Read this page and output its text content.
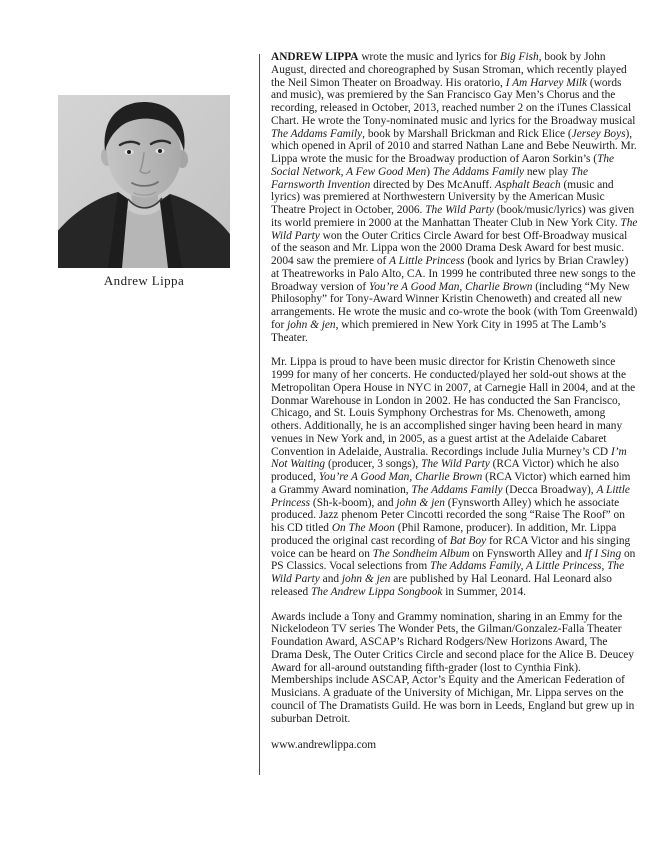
Andrew Lippa

ANDREW LIPPA wrote the music and lyrics for Big Fish, book by John August, directed and choreographed by Susan Stroman, which recently played the Neil Simon Theater on Broadway. His oratorio, I Am Harvey Milk (words and music), was premiered by the San Francisco Gay Men’s Chorus and the recording, released in October, 2013, reached number 2 on the iTunes Classical Chart. He wrote the Tony-nominated music and lyrics for the Broadway musical The Addams Family, book by Marshall Brickman and Rick Elice (Jersey Boys), which opened in April of 2010 and starred Nathan Lane and Bebe Neuwirth. Mr. Lippa wrote the music for the Broadway production of Aaron Sorkin’s (The Social Network, A Few Good Men) The Addams Family new play The Farnsworth Invention directed by Des McAnuff. Asphalt Beach (music and lyrics) was premiered at Northwestern University by the American Music Theatre Project in October, 2006. The Wild Party (book/music/lyrics) was given its world premiere in 2000 at the Manhattan Theater Club in New York City. The Wild Party won the Outer Critics Circle Award for best Off-Broadway musical of the season and Mr. Lippa won the 2000 Drama Desk Award for best music. 2004 saw the premiere of A Little Princess (book and lyrics by Brian Crawley) at Theatreworks in Palo Alto, CA. In 1999 he contributed three new songs to the Broadway version of You’re A Good Man, Charlie Brown (including “My New Philosophy” for Tony-Award Winner Kristin Chenoweth) and created all new arrangements. He wrote the music and co-wrote the book (with Tom Greenwald) for john & jen, which premiered in New York City in 1995 at The Lamb’s Theater.

Mr. Lippa is proud to have been music director for Kristin Chenoweth since 1999 for many of her concerts. He conducted/played her sold-out shows at the Metropolitan Opera House in NYC in 2007, at Carnegie Hall in 2004, and at the Donmar Warehouse in London in 2002. He has conducted the San Francisco, Chicago, and St. Louis Symphony Orchestras for Ms. Chenoweth, among others. Additionally, he is an accomplished singer having been heard in many venues in New York and, in 2005, as a guest artist at the Adelaide Cabaret Convention in Adelaide, Australia. Recordings include Julia Murney’s CD I’m Not Waiting (producer, 3 songs), The Wild Party (RCA Victor) which he also produced, You’re A Good Man, Charlie Brown (RCA Victor) which earned him a Grammy Award nomination, The Addams Family (Decca Broadway), A Little Princess (Sh-k-boom), and john & jen (Fynsworth Alley) which he associate produced. Jazz phenom Peter Cincotti recorded the song “Raise The Roof” on his CD titled On The Moon (Phil Ramone, producer). In addition, Mr. Lippa produced the original cast recording of Bat Boy for RCA Victor and his singing voice can be heard on The Sondheim Album on Fynsworth Alley and If I Sing on PS Classics. Vocal selections from The Addams Family, A Little Princess, The Wild Party and john & jen are published by Hal Leonard. Hal Leonard also released The Andrew Lippa Songbook in Summer, 2014.

Awards include a Tony and Grammy nomination, sharing in an Emmy for the Nickelodeon TV series The Wonder Pets, the Gilman/Gonzalez-Falla Theater Foundation Award, ASCAP’s Richard Rodgers/New Horizons Award, The Drama Desk, The Outer Critics Circle and second place for the Alice B. Deucey Award for all-around outstanding fifth-grader (lost to Cynthia Fink). Memberships include ASCAP, Actor’s Equity and the American Federation of Musicians. A graduate of the University of Michigan, Mr. Lippa serves on the council of The Dramatists Guild. He was born in Leeds, England but grew up in suburban Detroit.

www.andrewlippa.com
